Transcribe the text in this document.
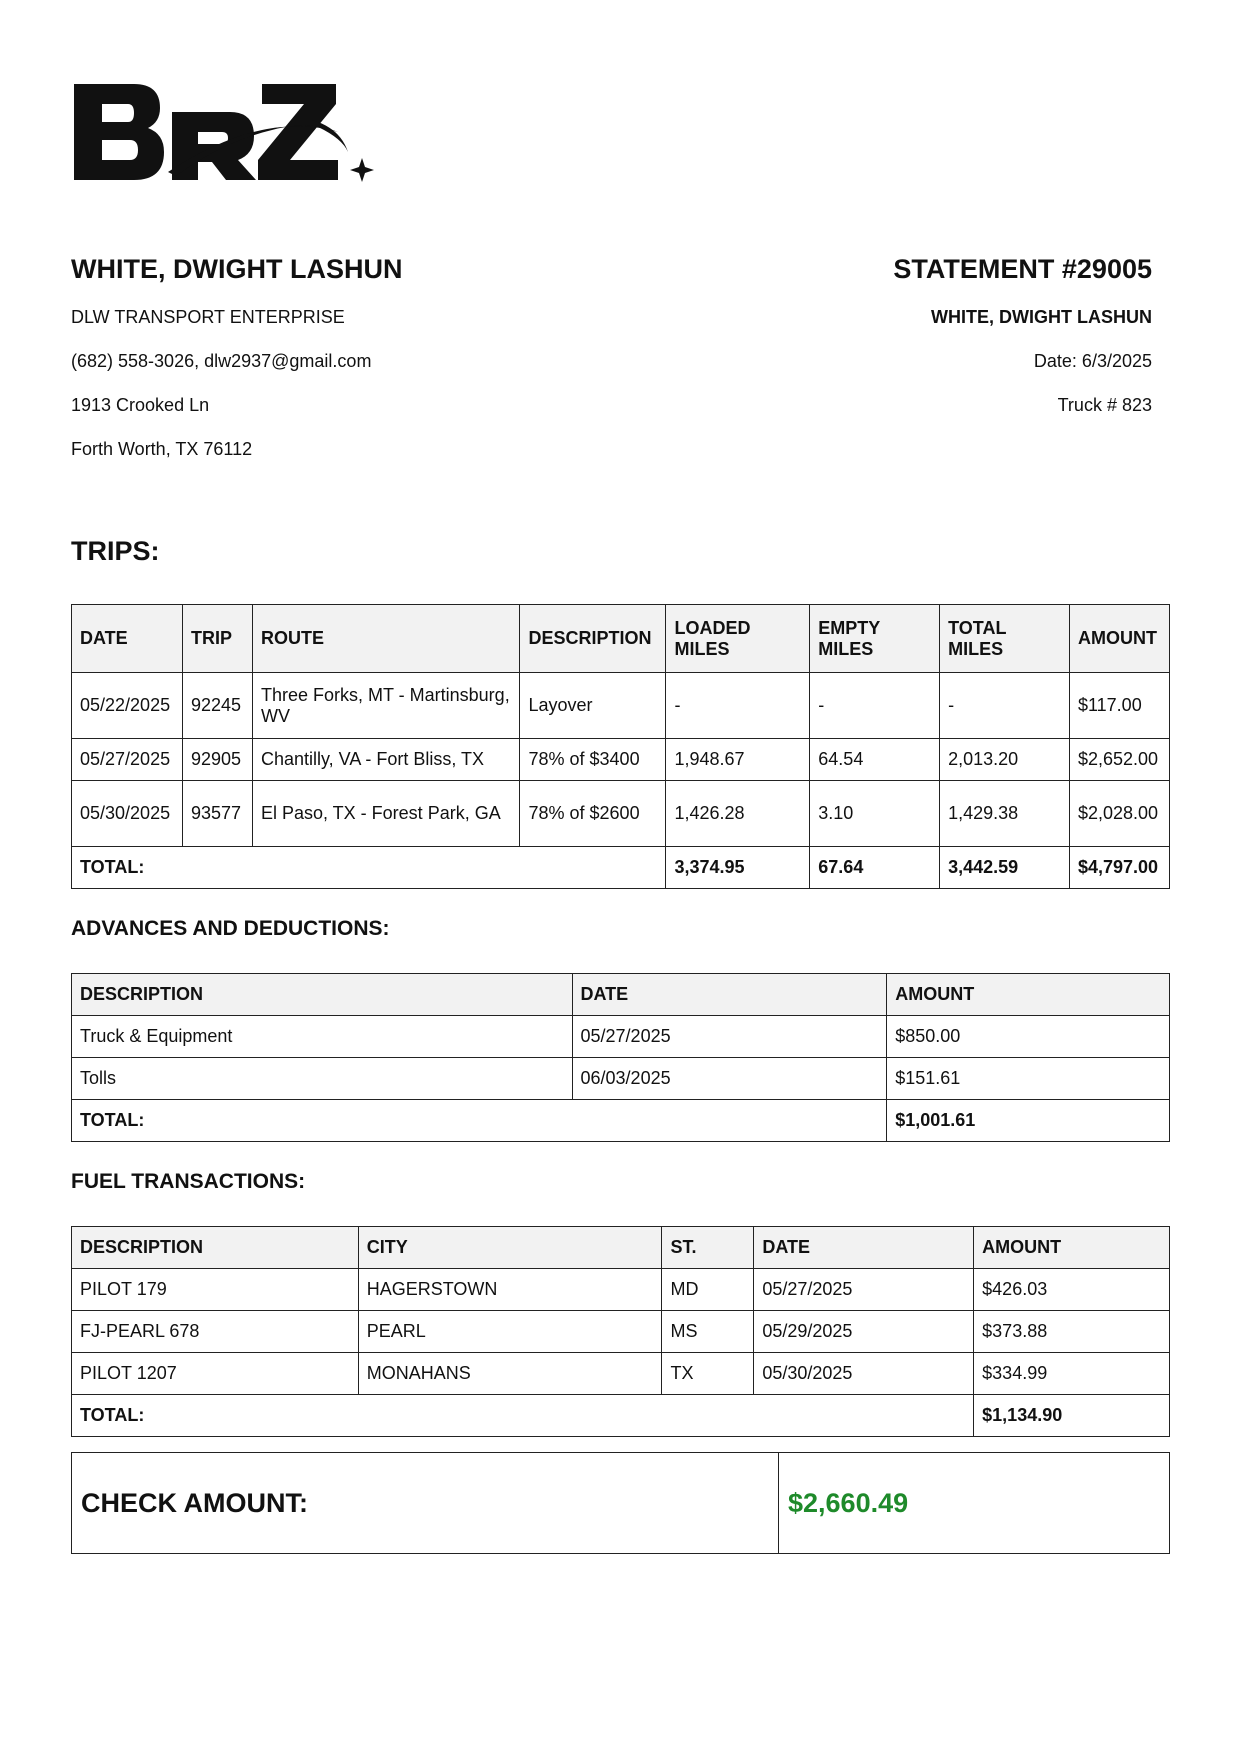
WHITE, DWIGHT LASHUN

DLW TRANSPORT ENTERPRISE

(682) 558-3026, dlw2937@gmail.com

1913 Crooked Ln

Forth Worth, TX 76112

STATEMENT #29005

WHITE, DWIGHT LASHUN

Date: 6/3/2025

Truck # 823

TRIPS:
DATE	TRIP	ROUTE	DESCRIPTION	LOADED MILES	EMPTY MILES	TOTAL MILES	AMOUNT
05/22/2025	92245	Three Forks, MT - Martinsburg, WV	Layover	-	-	-	$117.00
05/27/2025	92905	Chantilly, VA - Fort Bliss, TX	78% of $3400	1,948.67	64.54	2,013.20	$2,652.00
05/30/2025	93577	El Paso, TX - Forest Park, GA	78% of $2600	1,426.28	3.10	1,429.38	$2,028.00
TOTAL:				3,374.95	67.64	3,442.59	$4,797.00
ADVANCES AND DEDUCTIONS:
DESCRIPTION	DATE	AMOUNT
Truck & Equipment	05/27/2025	$850.00
Tolls	06/03/2025	$151.61
TOTAL:		$1,001.61
FUEL TRANSACTIONS:
DESCRIPTION	CITY	ST.	DATE	AMOUNT
PILOT 179	HAGERSTOWN	MD	05/27/2025	$426.03
FJ-PEARL 678	PEARL	MS	05/29/2025	$373.88
PILOT 1207	MONAHANS	TX	05/30/2025	$334.99
TOTAL:				$1,134.90
CHECK AMOUNT:	$2,660.49
